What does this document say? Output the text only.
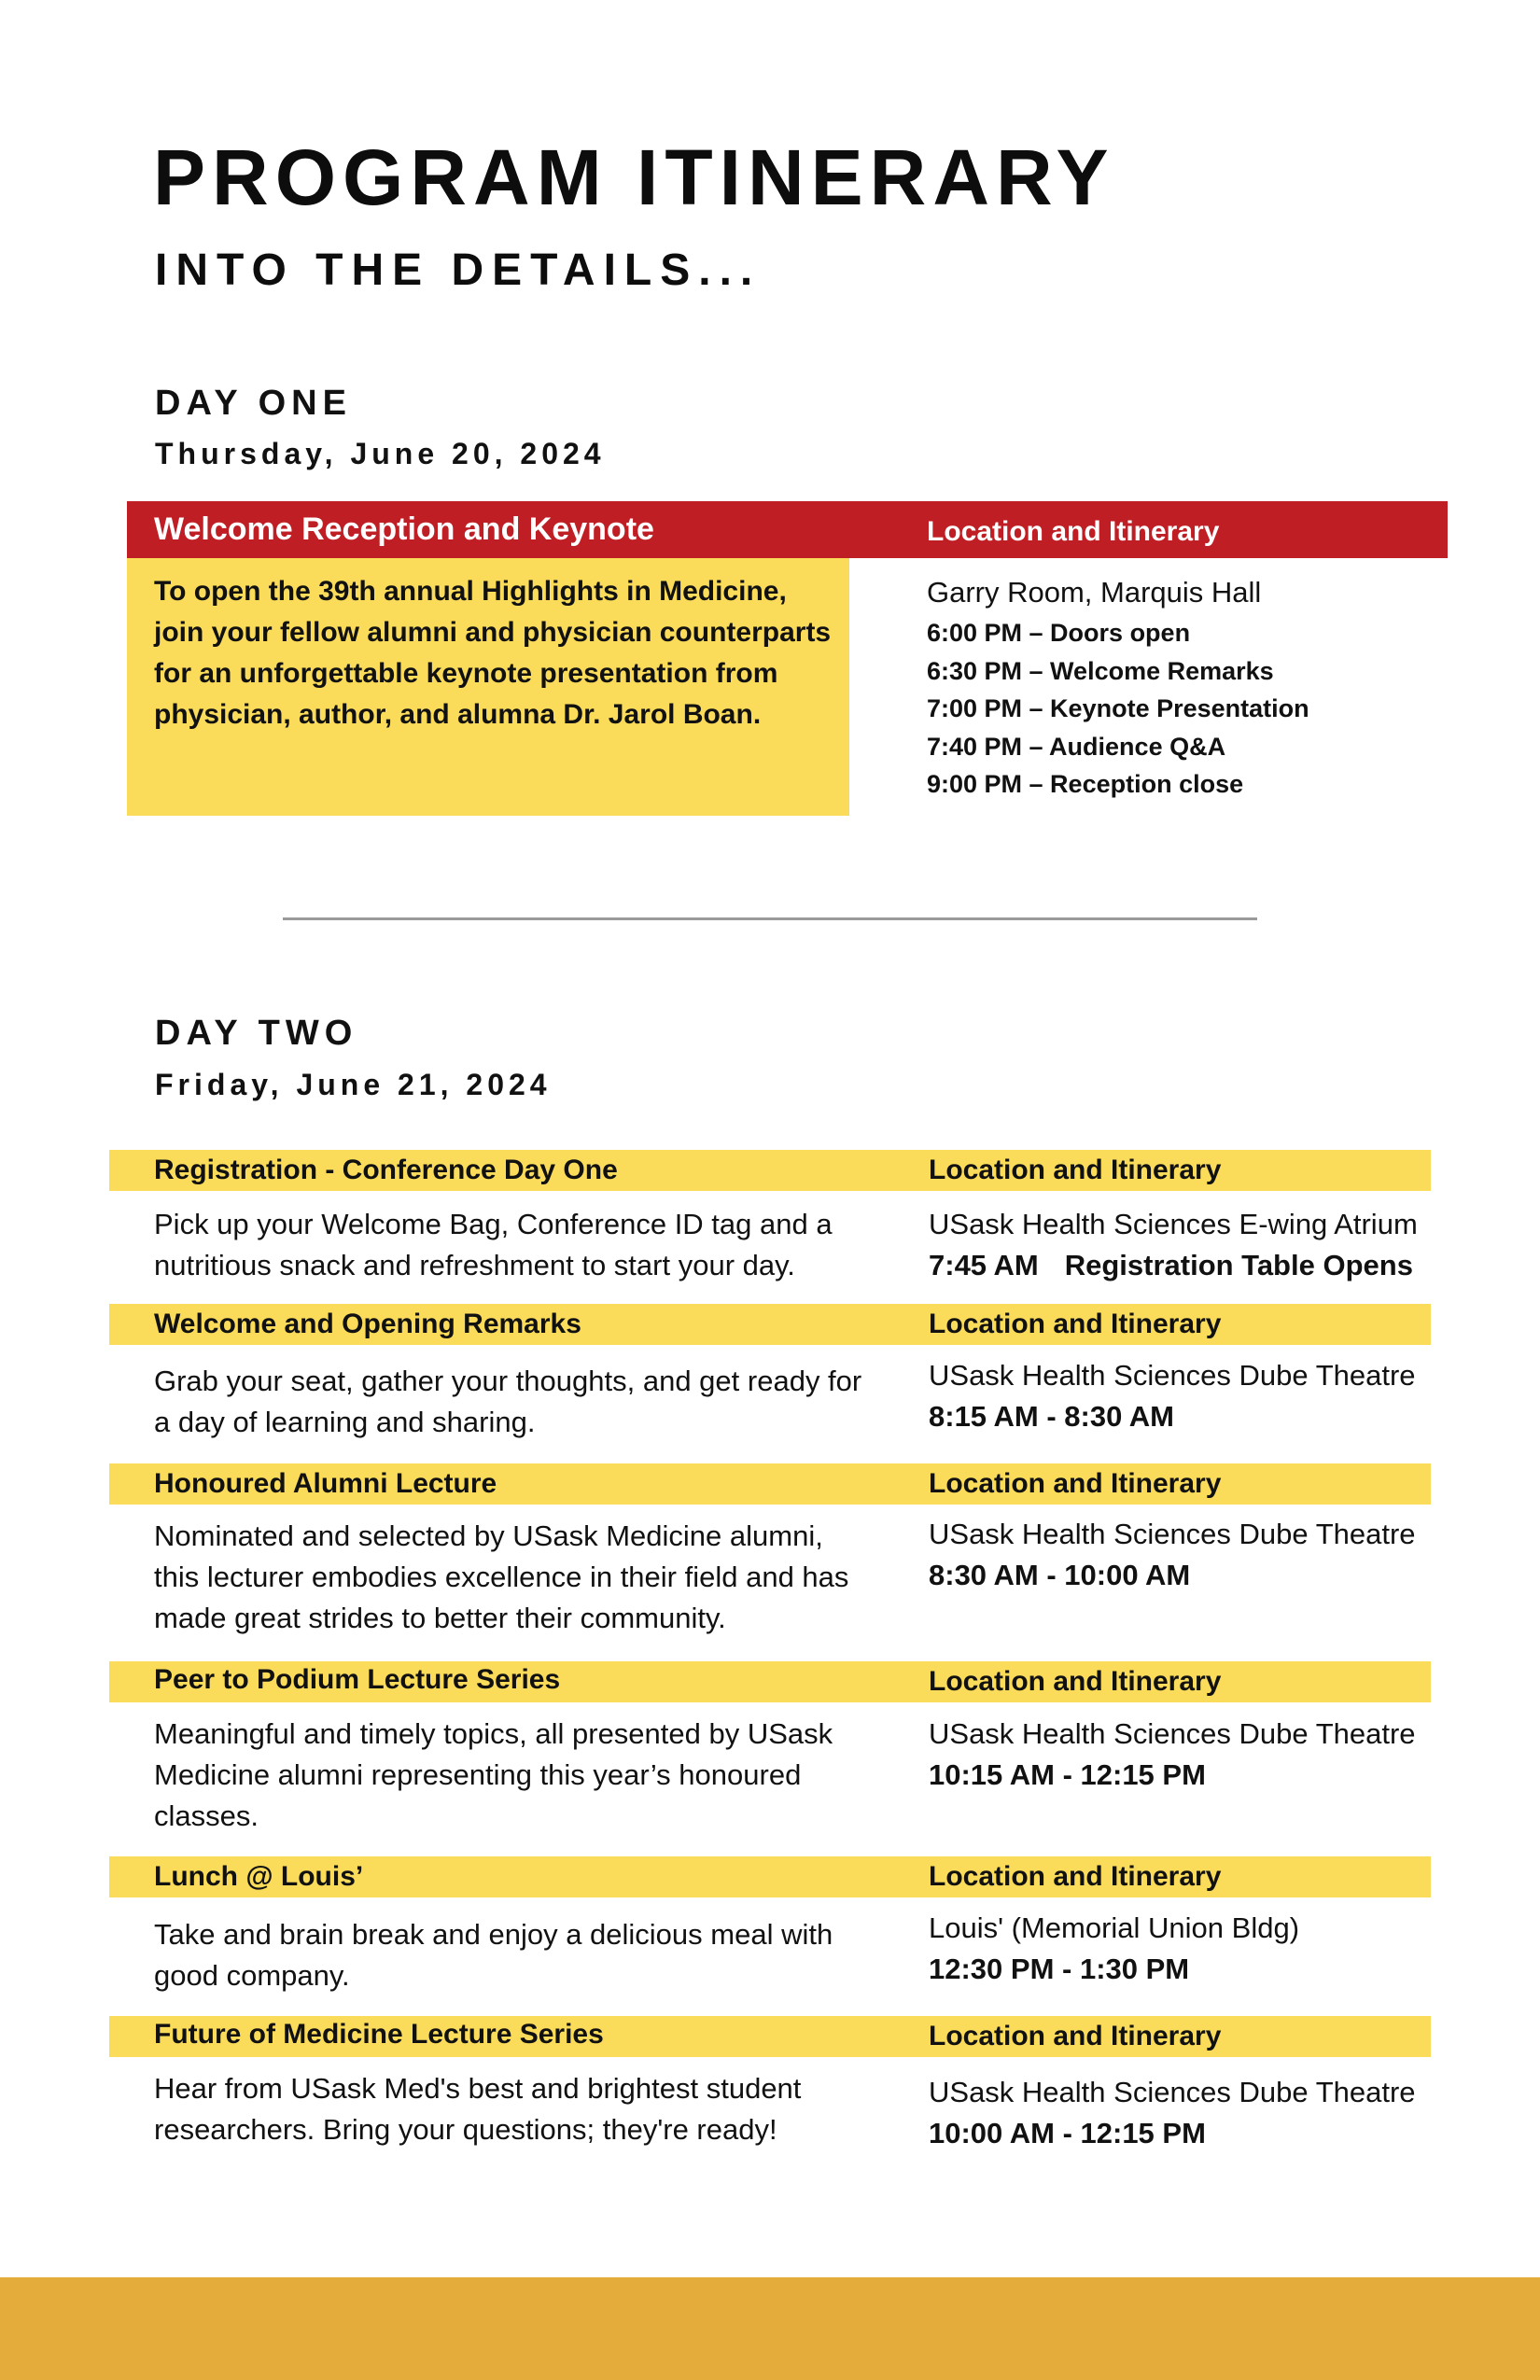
PROGRAM ITINERARY
INTO THE DETAILS...
DAY ONE
Thursday, June 20, 2024
Welcome Reception and Keynote	Location and Itinerary
To open the 39th annual Highlights in Medicine, join your fellow alumni and physician counterparts for an unforgettable keynote presentation from physician, author, and alumna Dr. Jarol Boan.
Garry Room, Marquis Hall
6:00 PM – Doors open
6:30 PM – Welcome Remarks
7:00 PM – Keynote Presentation
7:40 PM – Audience Q&A
9:00 PM – Reception close
DAY TWO
Friday, June 21, 2024
Registration - Conference Day One	Location and Itinerary
Pick up your Welcome Bag, Conference ID tag and a nutritious snack and refreshment to start your day.
USask Health Sciences E-wing Atrium
7:45 AM Registration Table Opens
Welcome and Opening Remarks	Location and Itinerary
Grab your seat, gather your thoughts, and get ready for a day of learning and sharing.
USask Health Sciences Dube Theatre
8:15 AM - 8:30 AM
Honoured Alumni Lecture	Location and Itinerary
Nominated and selected by USask Medicine alumni, this lecturer embodies excellence in their field and has made great strides to better their community.
USask Health Sciences Dube Theatre
8:30 AM - 10:00 AM
Peer to Podium Lecture Series	Location and Itinerary
Meaningful and timely topics, all presented by USask Medicine alumni representing this year’s honoured classes.
USask Health Sciences Dube Theatre
10:15 AM - 12:15 PM
Lunch @ Louis’	Location and Itinerary
Take and brain break and enjoy a delicious meal with good company.
Louis' (Memorial Union Bldg)
12:30 PM - 1:30 PM
Future of Medicine Lecture Series	Location and Itinerary
Hear from USask Med's best and brightest student researchers. Bring your questions; they're ready!
USask Health Sciences Dube Theatre
10:00 AM - 12:15 PM
